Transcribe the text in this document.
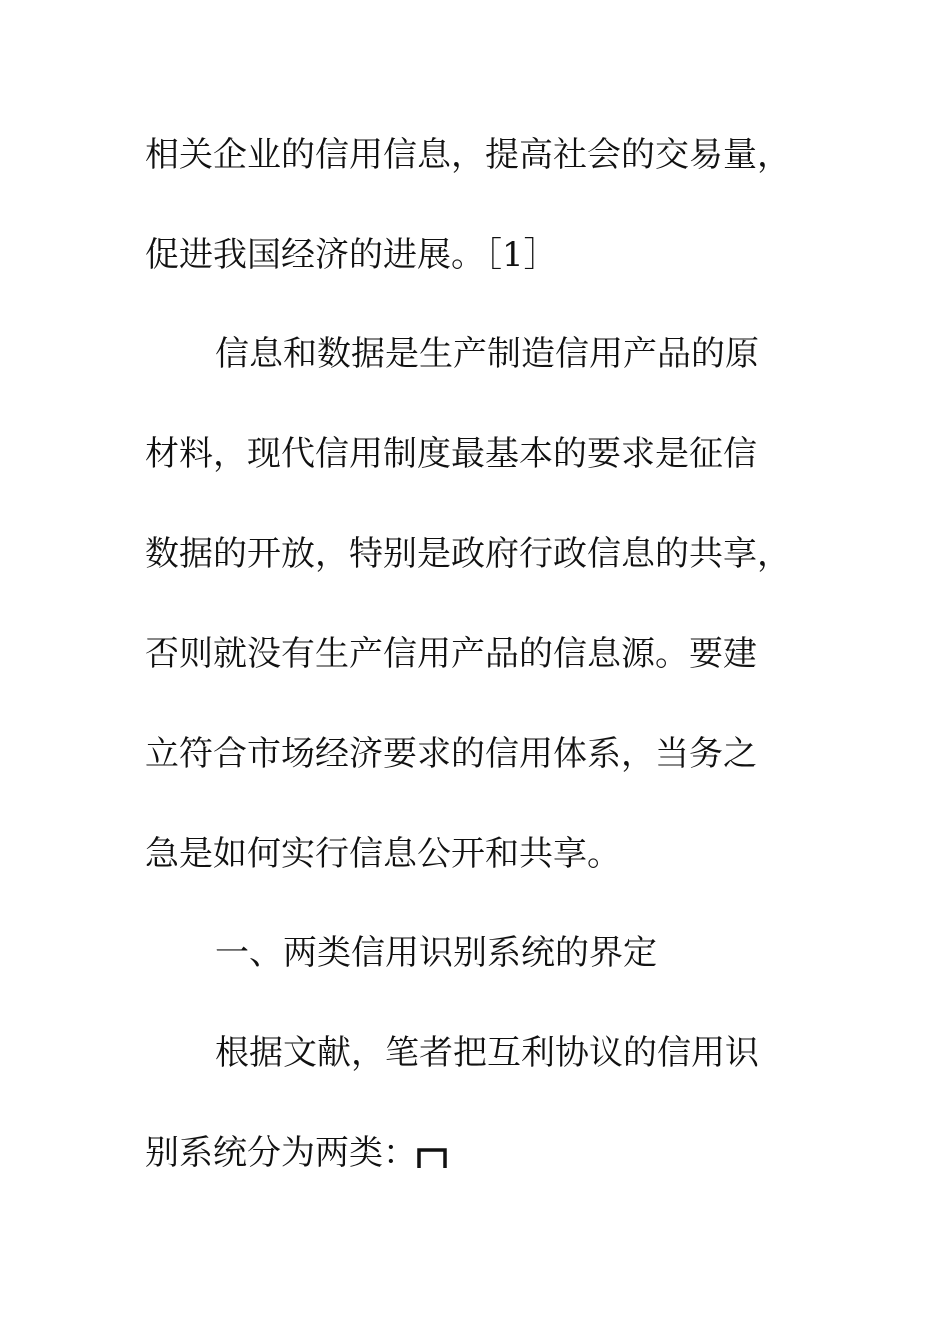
相关企业的信用信息，提高社会的交易量，
促进我国经济的进展。［1］
信息和数据是生产制造信用产品的原
材料，现代信用制度最基本的要求是征信
数据的开放，特别是政府行政信息的共享，
否则就没有生产信用产品的信息源。要建
立符合市场经济要求的信用体系，当务之
急是如何实行信息公开和共享。
一、两类信用识别系统的界定
根据文献，笔者把互利协议的信用识
别系统分为两类：
